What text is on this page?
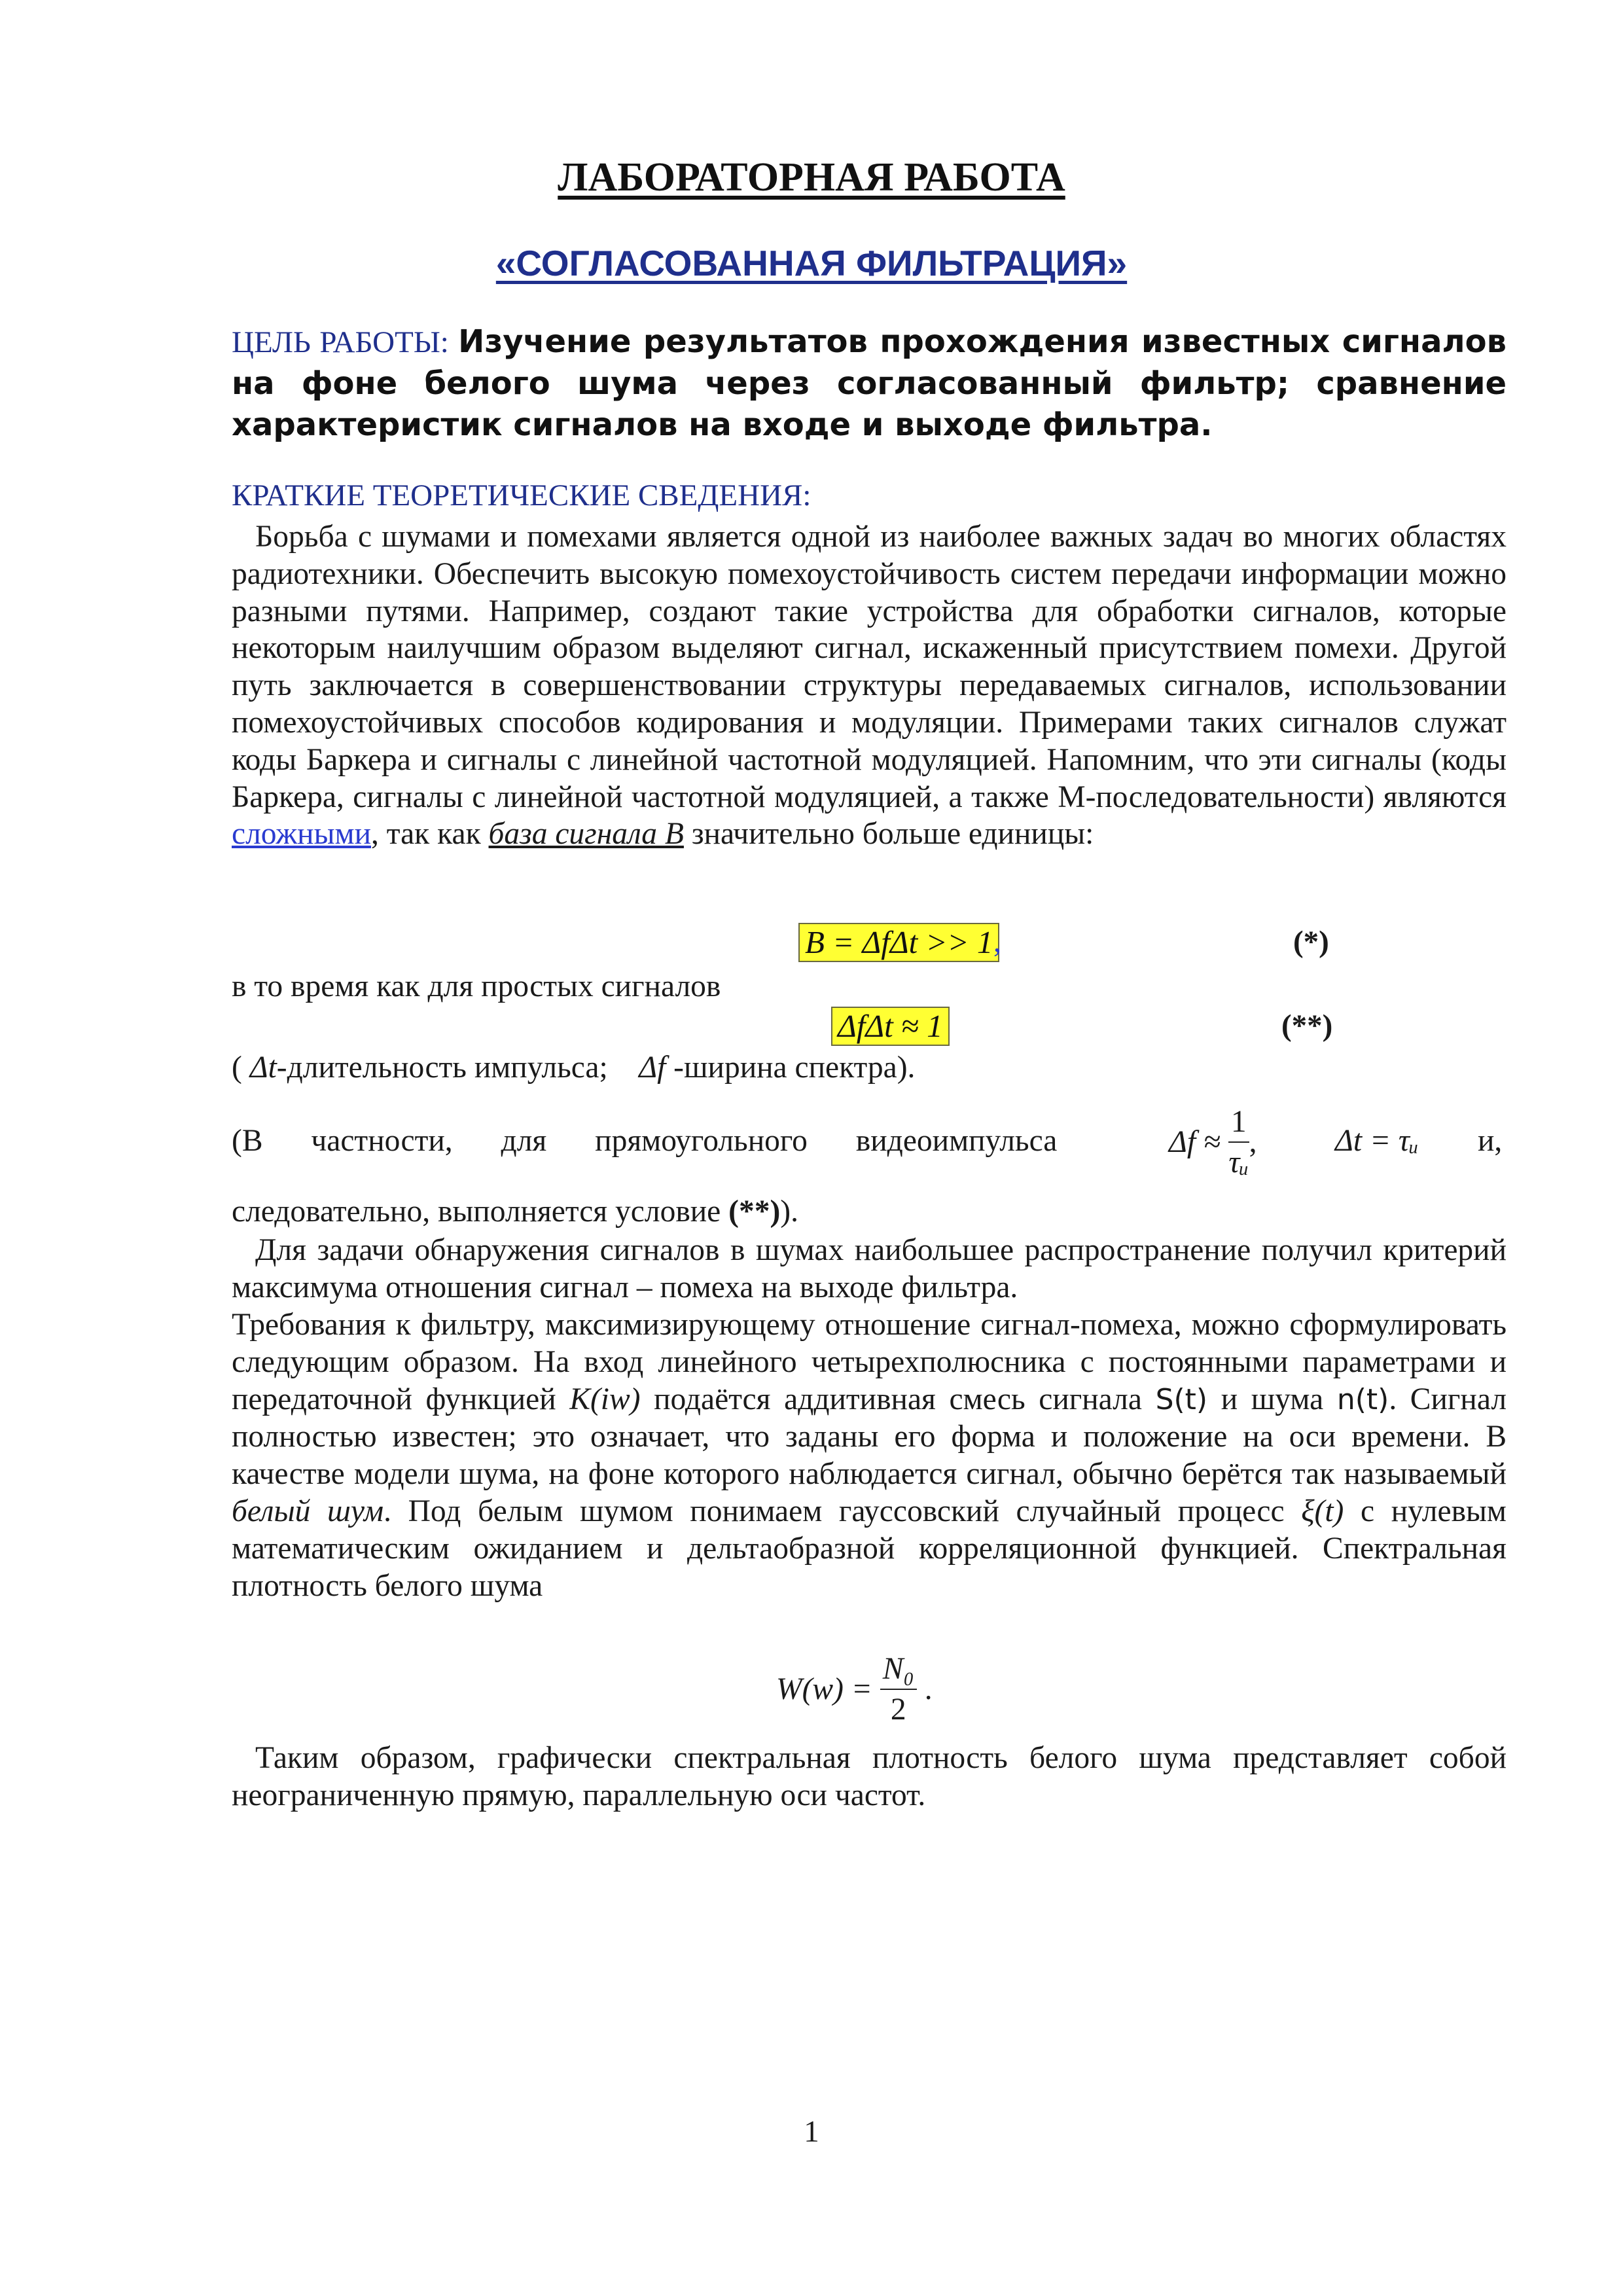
ЛАБОРАТОРНАЯ РАБОТА
«СОГЛАСОВАННАЯ ФИЛЬТРАЦИЯ»
ЦЕЛЬ РАБОТЫ: Изучение результатов прохождения известных сигналов на фоне белого шума через согласованный фильтр; сравнение характеристик сигналов на входе и выходе фильтра.
КРАТКИЕ ТЕОРЕТИЧЕСКИЕ СВЕДЕНИЯ:

Борьба с шумами и помехами является одной из наиболее важных задач во многих областях радиотехники. Обеспечить высокую помехоустойчивость систем передачи информации можно разными путями. Например, создают такие устройства для обработки сигналов, которые некоторым наилучшим образом выделяют сигнал, искаженный присутствием помехи. Другой путь заключается в совершенствовании структуры передаваемых сигналов, использовании помехоустойчивых способов кодирования и модуляции. Примерами таких сигналов служат коды Баркера и сигналы с линейной частотной модуляцией. Напомним, что эти сигналы (коды Баркера, сигналы с линейной частотной модуляцией, а также М-последовательности) являются сложными, так как база сигнала B значительно больше единицы:

B = ΔfΔt >> 1 ,	(*)
в то время как для простых сигналов
ΔfΔt ≈ 1	(**)
( Δt-длительность импульса; Δf -ширина спектра).
(В частности, для прямоугольного видеоимпульса	$\Delta f \approx \frac{1}{\text{τᵤ}}$ ,	Δt = τᵤ и,
следовательно, выполняется условие (**)).

Для задачи обнаружения сигналов в шумах наибольшее распространение получил критерий максимума отношения сигнал – помеха на выходе фильтра.

Требования к фильтру, максимизирующему отношение сигнал-помеха, можно сформулировать следующим образом. На вход линейного четырехполюсника с постоянными параметрами и передаточной функцией K(iw) подаётся аддитивная смесь сигнала S(t) и шума n(t). Сигнал полностью известен; это означает, что заданы его форма и положение на оси времени. В качестве модели шума, на фоне которого наблюдается сигнал, обычно берётся так называемый белый шум. Под белым шумом понимаем гауссовский случайный процесс ξ(t) с нулевым математическим ожиданием и дельтаобразной корреляционной функцией. Спектральная плотность белого шума

$W(w) = \frac{\text{N₀}}{2}$ .

Таким образом, графически спектральная плотность белого шума представляет собой неограниченную прямую, параллельную оси частот.

1
